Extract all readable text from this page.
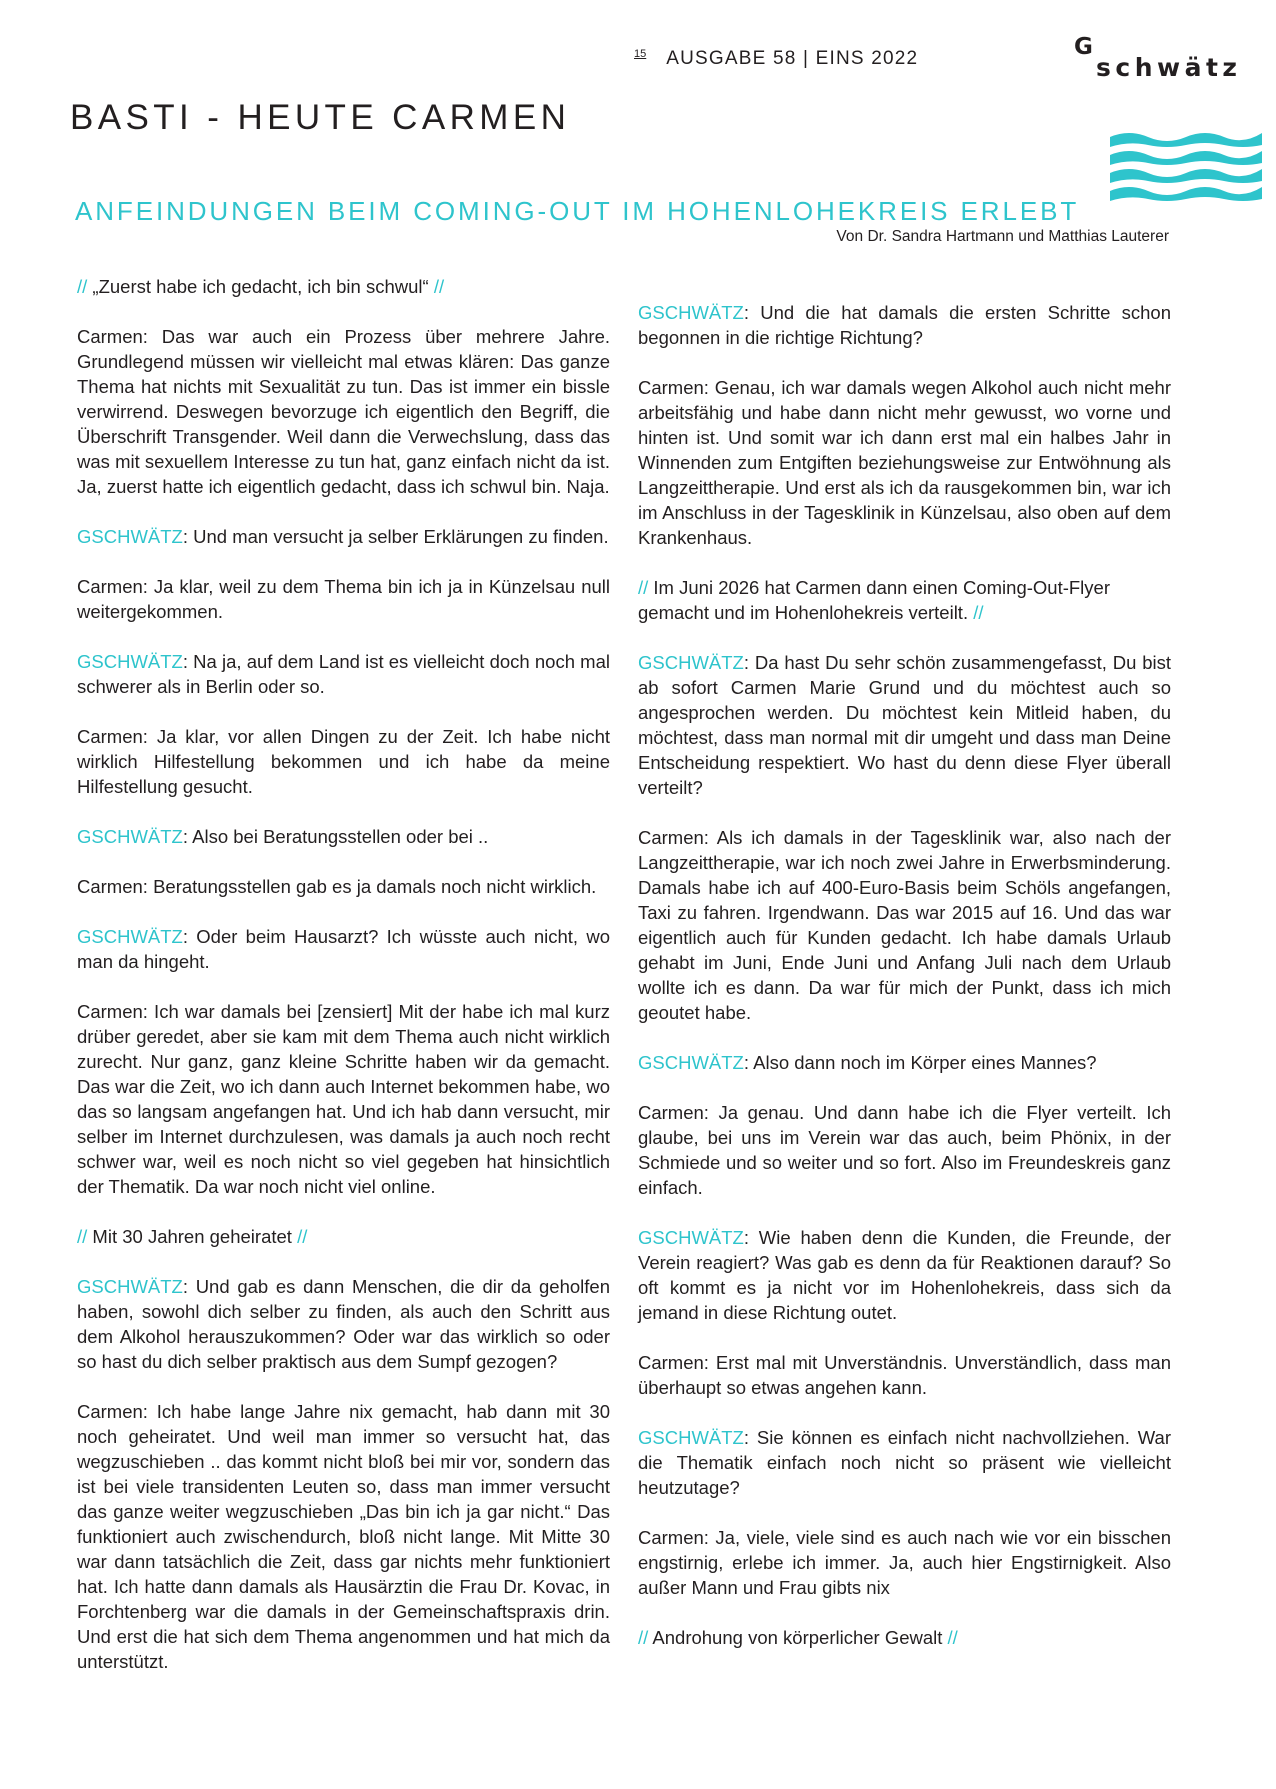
15 AUSGABE 58 | EINS 2022	G
schwätz
BASTI - HEUTE CARMEN
ANFEINDUNGEN BEIM COMING-OUT IM HOHENLOHEKREIS ERLEBT
Von Dr. Sandra Hartmann und Matthias Lauterer

// „Zuerst habe ich gedacht, ich bin schwul“ //

Carmen: Das war auch ein Prozess über mehrere Jahre. Grundlegend müssen wir vielleicht mal etwas klären: Das ganze Thema hat nichts mit Sexualität zu tun. Das ist immer ein bissle verwirrend. Deswegen bevorzuge ich eigentlich den Begriff, die Überschrift Transgender. Weil dann die Verwechslung, dass das was mit sexuellem Interesse zu tun hat, ganz einfach nicht da ist. Ja, zuerst hatte ich eigentlich gedacht, dass ich schwul bin. Naja.

GSCHWÄTZ: Und man versucht ja selber Erklärungen zu finden.

Carmen: Ja klar, weil zu dem Thema bin ich ja in Künzelsau null weitergekommen.

GSCHWÄTZ: Na ja, auf dem Land ist es vielleicht doch noch mal schwerer als in Berlin oder so.

Carmen: Ja klar, vor allen Dingen zu der Zeit. Ich habe nicht wirklich Hilfestellung bekommen und ich habe da meine Hilfestellung gesucht.

GSCHWÄTZ: Also bei Beratungsstellen oder bei ..

Carmen: Beratungsstellen gab es ja damals noch nicht wirklich.

GSCHWÄTZ: Oder beim Hausarzt? Ich wüsste auch nicht, wo man da hingeht.

Carmen: Ich war damals bei [zensiert] Mit der habe ich mal kurz drüber geredet, aber sie kam mit dem Thema auch nicht wirklich zurecht. Nur ganz, ganz kleine Schritte haben wir da gemacht. Das war die Zeit, wo ich dann auch Internet bekommen habe, wo das so langsam angefangen hat. Und ich hab dann versucht, mir selber im Internet durchzulesen, was damals ja auch noch recht schwer war, weil es noch nicht so viel gegeben hat hinsichtlich der Thematik. Da war noch nicht viel online.

// Mit 30 Jahren geheiratet //

GSCHWÄTZ: Und gab es dann Menschen, die dir da geholfen haben, sowohl dich selber zu finden, als auch den Schritt aus dem Alkohol herauszukommen? Oder war das wirklich so oder so hast du dich selber praktisch aus dem Sumpf gezogen?

Carmen: Ich habe lange Jahre nix gemacht, hab dann mit 30 noch geheiratet. Und weil man immer so versucht hat, das wegzuschieben .. das kommt nicht bloß bei mir vor, sondern das ist bei viele transidenten Leuten so, dass man immer versucht das ganze weiter wegzuschieben „Das bin ich ja gar nicht.“ Das funktioniert auch zwischendurch, bloß nicht lange. Mit Mitte 30 war dann tatsächlich die Zeit, dass gar nichts mehr funktioniert hat. Ich hatte dann damals als Hausärztin die Frau Dr. Kovac, in Forchtenberg war die damals in der Gemeinschaftspraxis drin. Und erst die hat sich dem Thema angenommen und hat mich da unterstützt.

GSCHWÄTZ: Und die hat damals die ersten Schritte schon begonnen in die richtige Richtung?

Carmen: Genau, ich war damals wegen Alkohol auch nicht mehr arbeitsfähig und habe dann nicht mehr gewusst, wo vorne und hinten ist. Und somit war ich dann erst mal ein halbes Jahr in Winnenden zum Entgiften beziehungsweise zur Entwöhnung als Langzeittherapie. Und erst als ich da rausgekommen bin, war ich im Anschluss in der Tagesklinik in Künzelsau, also oben auf dem Krankenhaus.

// Im Juni 2026 hat Carmen dann einen Coming-Out-Flyer gemacht und im Hohenlohekreis verteilt. //

GSCHWÄTZ: Da hast Du sehr schön zusammengefasst, Du bist ab sofort Carmen Marie Grund und du möchtest auch so angesprochen werden. Du möchtest kein Mitleid haben, du möchtest, dass man normal mit dir umgeht und dass man Deine Entscheidung respektiert. Wo hast du denn diese Flyer überall verteilt?

Carmen: Als ich damals in der Tagesklinik war, also nach der Langzeittherapie, war ich noch zwei Jahre in Erwerbsminderung. Damals habe ich auf 400-Euro-Basis beim Schöls angefangen, Taxi zu fahren. Irgendwann. Das war 2015 auf 16. Und das war eigentlich auch für Kunden gedacht. Ich habe damals Urlaub gehabt im Juni, Ende Juni und Anfang Juli nach dem Urlaub wollte ich es dann. Da war für mich der Punkt, dass ich mich geoutet habe.

GSCHWÄTZ: Also dann noch im Körper eines Mannes?

Carmen: Ja genau. Und dann habe ich die Flyer verteilt. Ich glaube, bei uns im Verein war das auch, beim Phönix, in der Schmiede und so weiter und so fort. Also im Freundeskreis ganz einfach.

GSCHWÄTZ: Wie haben denn die Kunden, die Freunde, der Verein reagiert? Was gab es denn da für Reaktionen darauf? So oft kommt es ja nicht vor im Hohenlohekreis, dass sich da jemand in diese Richtung outet.

Carmen: Erst mal mit Unverständnis. Unverständlich, dass man überhaupt so etwas angehen kann.

GSCHWÄTZ: Sie können es einfach nicht nachvollziehen. War die Thematik einfach noch nicht so präsent wie vielleicht heutzutage?

Carmen: Ja, viele, viele sind es auch nach wie vor ein bisschen engstirnig, erlebe ich immer. Ja, auch hier Engstirnigkeit. Also außer Mann und Frau gibts nix

// Androhung von körperlicher Gewalt //
